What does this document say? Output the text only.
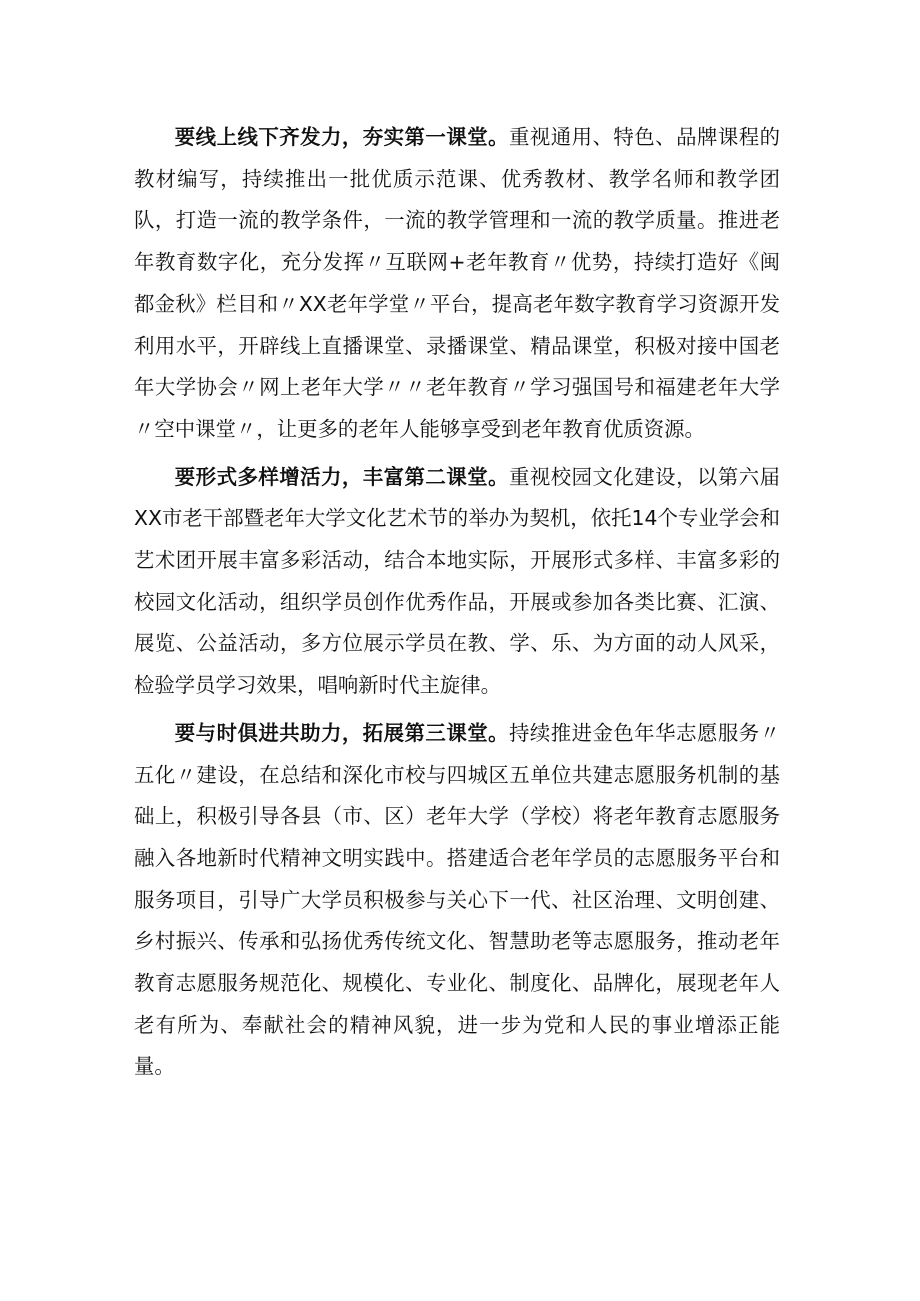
要线上线下齐发力，夯实第一课堂。重视通用、特色、品牌课程的教材编写，持续推出一批优质示范课、优秀教材、教学名师和教学团队，打造一流的教学条件，一流的教学管理和一流的教学质量。推进老年教育数字化，充分发挥〃互联网+老年教育〃优势，持续打造好《闽都金秋》栏目和〃XX老年学堂〃平台，提高老年数字教育学习资源开发利用水平，开辟线上直播课堂、录播课堂、精品课堂，积极对接中国老年大学协会〃网上老年大学〃〃老年教育〃学习强国号和福建老年大学〃空中课堂〃，让更多的老年人能够享受到老年教育优质资源。

要形式多样增活力，丰富第二课堂。重视校园文化建设，以第六届XX市老干部暨老年大学文化艺术节的举办为契机，依托14个专业学会和艺术团开展丰富多彩活动，结合本地实际，开展形式多样、丰富多彩的校园文化活动，组织学员创作优秀作品，开展或参加各类比赛、汇演、展览、公益活动，多方位展示学员在教、学、乐、为方面的动人风采，检验学员学习效果，唱响新时代主旋律。

要与时俱进共助力，拓展第三课堂。持续推进金色年华志愿服务〃五化〃建设，在总结和深化市校与四城区五单位共建志愿服务机制的基础上，积极引导各县（市、区）老年大学（学校）将老年教育志愿服务融入各地新时代精神文明实践中。搭建适合老年学员的志愿服务平台和服务项目，引导广大学员积极参与关心下一代、社区治理、文明创建、乡村振兴、传承和弘扬优秀传统文化、智慧助老等志愿服务，推动老年教育志愿服务规范化、规模化、专业化、制度化、品牌化，展现老年人老有所为、奉献社会的精神风貌，进一步为党和人民的事业增添正能量。
